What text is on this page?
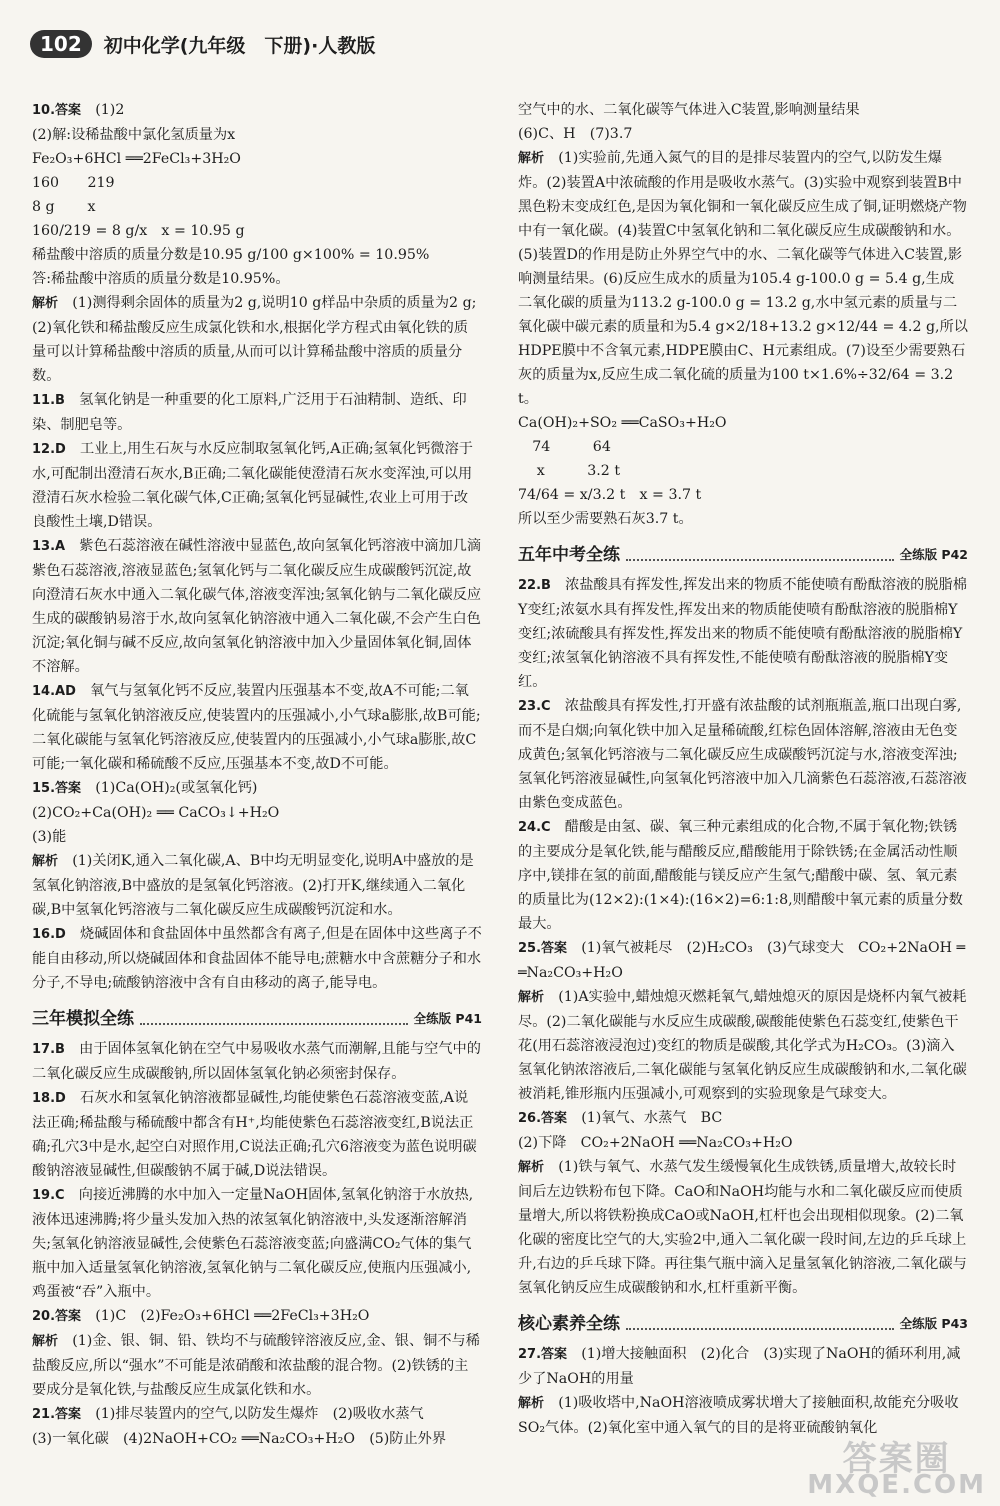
102	初中化学(九年级　下册)·人教版

10.答案　 (1)2

(2)解:设稀盐酸中氯化氢质量为x

Fe₂O₃+6HCl ══2FeCl₃+3H₂O

160　　219

8 g　　 x

160/219 = 8 g/x　x = 10.95 g

稀盐酸中溶质的质量分数是10.95 g/100 g×100% = 10.95%

答:稀盐酸中溶质的质量分数是10.95%。

解析　 (1)测得剩余固体的质量为2 g,说明10 g样品中杂质的质量为2 g;(2)氧化铁和稀盐酸反应生成氯化铁和水,根据化学方程式由氧化铁的质量可以计算稀盐酸中溶质的质量,从而可以计算稀盐酸中溶质的质量分数。

11.B　 氢氧化钠是一种重要的化工原料,广泛用于石油精制、造纸、印染、制肥皂等。

12.D　 工业上,用生石灰与水反应制取氢氧化钙,A正确;氢氧化钙微溶于水,可配制出澄清石灰水,B正确;二氧化碳能使澄清石灰水变浑浊,可以用澄清石灰水检验二氧化碳气体,C正确;氢氧化钙显碱性,农业上可用于改良酸性土壤,D错误。

13.A　 紫色石蕊溶液在碱性溶液中显蓝色,故向氢氧化钙溶液中滴加几滴紫色石蕊溶液,溶液显蓝色;氢氧化钙与二氧化碳反应生成碳酸钙沉淀,故向澄清石灰水中通入二氧化碳气体,溶液变浑浊;氢氧化钠与二氧化碳反应生成的碳酸钠易溶于水,故向氢氧化钠溶液中通入二氧化碳,不会产生白色沉淀;氧化铜与碱不反应,故向氢氧化钠溶液中加入少量固体氧化铜,固体不溶解。

14.AD　 氧气与氢氧化钙不反应,装置内压强基本不变,故A不可能;二氧化硫能与氢氧化钠溶液反应,使装置内的压强减小,小气球a膨胀,故B可能;二氧化碳能与氢氧化钙溶液反应,使装置内的压强减小,小气球a膨胀,故C可能;一氧化碳和稀硫酸不反应,压强基本不变,故D不可能。

15.答案　 (1)Ca(OH)₂(或氢氧化钙)

(2)CO₂+Ca(OH)₂ ══ CaCO₃↓+H₂O

(3)能

解析　 (1)关闭K,通入二氧化碳,A、B中均无明显变化,说明A中盛放的是氢氧化钠溶液,B中盛放的是氢氧化钙溶液。(2)打开K,继续通入二氧化碳,B中氢氧化钙溶液与二氧化碳反应生成碳酸钙沉淀和水。

16.D　 烧碱固体和食盐固体中虽然都含有离子,但是在固体中这些离子不能自由移动,所以烧碱固体和食盐固体不能导电;蔗糖水中含蔗糖分子和水分子,不导电;硫酸钠溶液中含有自由移动的离子,能导电。

三年模拟全练	全练版 P41

17.B　 由于固体氢氧化钠在空气中易吸收水蒸气而潮解,且能与空气中的二氧化碳反应生成碳酸钠,所以固体氢氧化钠必须密封保存。

18.D　 石灰水和氢氧化钠溶液都显碱性,均能使紫色石蕊溶液变蓝,A说法正确;稀盐酸与稀硫酸中都含有H⁺,均能使紫色石蕊溶液变红,B说法正确;孔穴3中是水,起空白对照作用,C说法正确;孔穴6溶液变为蓝色说明碳酸钠溶液显碱性,但碳酸钠不属于碱,D说法错误。

19.C　 向接近沸腾的水中加入一定量NaOH固体,氢氧化钠溶于水放热,液体迅速沸腾;将少量头发加入热的浓氢氧化钠溶液中,头发逐渐溶解消失;氢氧化钠溶液显碱性,会使紫色石蕊溶液变蓝;向盛满CO₂气体的集气瓶中加入适量氢氧化钠溶液,氢氧化钠与二氧化碳反应,使瓶内压强减小,鸡蛋被“吞”入瓶中。

20.答案　 (1)C　(2)Fe₂O₃+6HCl ══2FeCl₃+3H₂O

解析　 (1)金、银、铜、铅、铁均不与硫酸锌溶液反应,金、银、铜不与稀盐酸反应,所以“强水”不可能是浓硝酸和浓盐酸的混合物。(2)铁锈的主要成分是氧化铁,与盐酸反应生成氯化铁和水。

21.答案　 (1)排尽装置内的空气,以防发生爆炸　(2)吸收水蒸气

(3)一氧化碳　(4)2NaOH+CO₂ ══Na₂CO₃+H₂O　(5)防止外界

空气中的水、二氧化碳等气体进入C装置,影响测量结果

(6)C、H　(7)3.7

解析　 (1)实验前,先通入氮气的目的是排尽装置内的空气,以防发生爆炸。(2)装置A中浓硫酸的作用是吸收水蒸气。(3)实验中观察到装置B中黑色粉末变成红色,是因为氧化铜和一氧化碳反应生成了铜,证明燃烧产物中有一氧化碳。(4)装置C中氢氧化钠和二氧化碳反应生成碳酸钠和水。(5)装置D的作用是防止外界空气中的水、二氧化碳等气体进入C装置,影响测量结果。(6)反应生成水的质量为105.4 g-100.0 g = 5.4 g,生成二氧化碳的质量为113.2 g-100.0 g = 13.2 g,水中氢元素的质量与二氧化碳中碳元素的质量和为5.4 g×2/18+13.2 g×12/44 = 4.2 g,所以HDPE膜中不含氧元素,HDPE膜由C、H元素组成。(7)设至少需要熟石灰的质量为x,反应生成二氧化硫的质量为100 t×1.6%÷32/64 = 3.2 t。

Ca(OH)₂+SO₂ ══CaSO₃+H₂O

　74　　　64

　 x　　　3.2 t

74/64 = x/3.2 t　x = 3.7 t

所以至少需要熟石灰3.7 t。

五年中考全练	全练版 P42

22.B　 浓盐酸具有挥发性,挥发出来的物质不能使喷有酚酞溶液的脱脂棉Y变红;浓氨水具有挥发性,挥发出来的物质能使喷有酚酞溶液的脱脂棉Y变红;浓硫酸具有挥发性,挥发出来的物质不能使喷有酚酞溶液的脱脂棉Y变红;浓氢氧化钠溶液不具有挥发性,不能使喷有酚酞溶液的脱脂棉Y变红。

23.C　 浓盐酸具有挥发性,打开盛有浓盐酸的试剂瓶瓶盖,瓶口出现白雾,而不是白烟;向氧化铁中加入足量稀硫酸,红棕色固体溶解,溶液由无色变成黄色;氢氧化钙溶液与二氧化碳反应生成碳酸钙沉淀与水,溶液变浑浊;氢氧化钙溶液显碱性,向氢氧化钙溶液中加入几滴紫色石蕊溶液,石蕊溶液由紫色变成蓝色。

24.C　 醋酸是由氢、碳、氧三种元素组成的化合物,不属于氧化物;铁锈的主要成分是氧化铁,能与醋酸反应,醋酸能用于除铁锈;在金属活动性顺序中,镁排在氢的前面,醋酸能与镁反应产生氢气;醋酸中碳、氢、氧元素的质量比为(12×2):(1×4):(16×2)=6:1:8,则醋酸中氧元素的质量分数最大。

25.答案　 (1)氧气被耗尽　(2)H₂CO₃　(3)气球变大　CO₂+2NaOH ══Na₂CO₃+H₂O

解析　 (1)A实验中,蜡烛熄灭燃耗氧气,蜡烛熄灭的原因是烧杯内氧气被耗尽。(2)二氧化碳能与水反应生成碳酸,碳酸能使紫色石蕊变红,使紫色干花(用石蕊溶液浸泡过)变红的物质是碳酸,其化学式为H₂CO₃。(3)滴入氢氧化钠浓溶液后,二氧化碳能与氢氧化钠反应生成碳酸钠和水,二氧化碳被消耗,锥形瓶内压强减小,可观察到的实验现象是气球变大。

26.答案　 (1)氧气、水蒸气　BC

(2)下降　CO₂+2NaOH ══Na₂CO₃+H₂O

解析　 (1)铁与氧气、水蒸气发生缓慢氧化生成铁锈,质量增大,故较长时间后左边铁粉布包下降。CaO和NaOH均能与水和二氧化碳反应而使质量增大,所以将铁粉换成CaO或NaOH,杠杆也会出现相似现象。(2)二氧化碳的密度比空气的大,实验2中,通入二氧化碳一段时间,左边的乒乓球上升,右边的乒乓球下降。再往集气瓶中滴入足量氢氧化钠溶液,二氧化碳与氢氧化钠反应生成碳酸钠和水,杠杆重新平衡。

核心素养全练	全练版 P43

27.答案　 (1)增大接触面积　(2)化合　(3)实现了NaOH的循环利用,减少了NaOH的用量

解析　 (1)吸收塔中,NaOH溶液喷成雾状增大了接触面积,故能充分吸收SO₂气体。(2)氧化室中通入氧气的目的是将亚硫酸钠氧化

答案圈
MXQE.COM
